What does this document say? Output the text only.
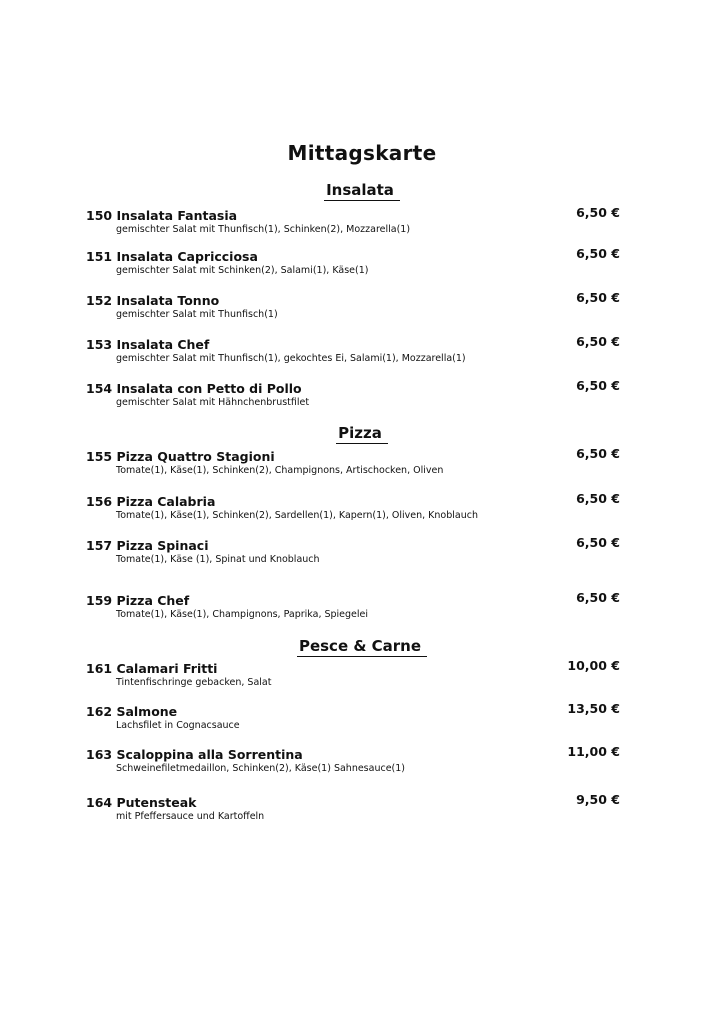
Mittagskarte
Insalata
150 Insalata Fantasia	6,50 €
gemischter Salat mit Thunfisch(1), Schinken(2), Mozzarella(1)
151 Insalata Capricciosa	6,50 €
gemischter Salat mit Schinken(2), Salami(1), Käse(1)
152 Insalata Tonno	6,50 €
gemischter Salat mit Thunfisch(1)
153 Insalata Chef	6,50 €
gemischter Salat mit Thunfisch(1), gekochtes Ei, Salami(1), Mozzarella(1)
154 Insalata con Petto di Pollo	6,50 €
gemischter Salat mit Hähnchenbrustfilet
Pizza
155 Pizza Quattro Stagioni	6,50 €
Tomate(1), Käse(1), Schinken(2), Champignons, Artischocken, Oliven
156 Pizza Calabria	6,50 €
Tomate(1), Käse(1), Schinken(2), Sardellen(1), Kapern(1), Oliven, Knoblauch
157 Pizza Spinaci	6,50 €
Tomate(1), Käse (1), Spinat und Knoblauch
159 Pizza Chef	6,50 €
Tomate(1), Käse(1), Champignons, Paprika, Spiegelei
Pesce & Carne
161 Calamari Fritti	10,00 €
Tintenfischringe gebacken, Salat
162 Salmone	13,50 €
Lachsfilet in Cognacsauce
163 Scaloppina alla Sorrentina	11,00 €
Schweinefiletmedaillon, Schinken(2), Käse(1) Sahnesauce(1)
164 Putensteak	9,50 €
mit Pfeffersauce und Kartoffeln
